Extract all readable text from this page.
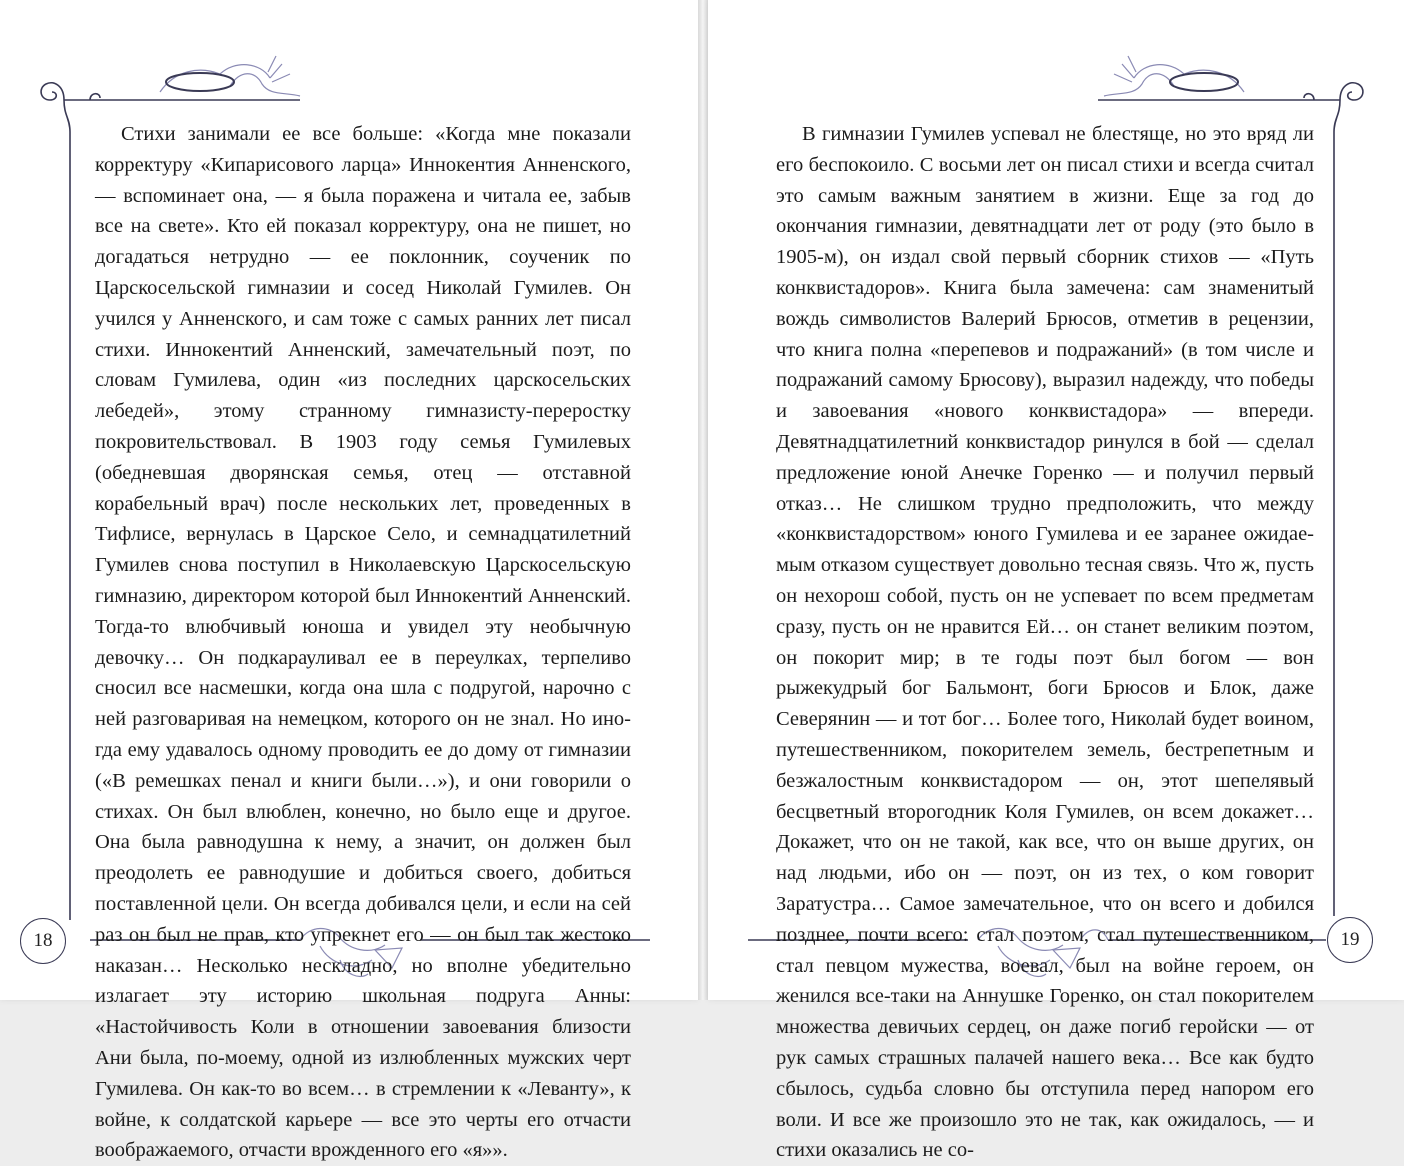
Стихи занимали ее все больше: «Когда мне показали корректуру «Кипарисового ларца» Иннокентия Анненского, — вспоминает она, — я была поражена и читала ее, забыв все на свете». Кто ей показал корректуру, она не пишет, но догадаться нетрудно — ее поклонник, соученик по Царскосельской гимназии и сосед Николай Гумилев. Он учился у Анненского, и сам тоже с самых ранних лет писал стихи. Иннокентий Анненский, замечательный поэт, по словам Гумилева, один «из последних царскосельских лебедей», этому странному гимназисту-переростку покровительствовал. В 1903 году семья Гумилевых (обедневшая дворянская семья, отец — отставной корабельный врач) после нескольких лет, проведенных в Тифлисе, вернулась в Царское Село, и семнадцатилетний Гумилев снова поступил в Николаевскую Царскосельскую гимназию, директором которой был Иннокентий Анненский. Тогда-то влюбчивый юноша и увидел эту необычную девочку… Он подкарауливал ее в переулках, терпеливо сносил все насмешки, когда она шла с подругой, нарочно с ней разговаривая на немецком, которого он не знал. Но иногда ему удавалось одному проводить ее до дому от гимназии («В ремешках пенал и книги были…»), и они говорили о стихах. Он был влюблен, конечно, но было еще и другое. Она была равнодушна к нему, а значит, он должен был преодолеть ее равнодушие и добиться своего, добиться поставленной цели. Он всегда добивался цели, и если на сей раз он был не прав, кто упрекнет его — он был так жестоко наказан… Несколько нескладно, но вполне убедительно излагает эту историю школьная подруга Анны: «Настойчивость Коли в отношении завоевания близости Ани была, по-моему, одной из излюбленных мужских черт Гумилева. Он как-то во всем… в стремлении к «Леванту», к войне, к солдатской карьере — все это черты его отчасти воображаемого, отчасти врожденного его «я»».

18

В гимназии Гумилев успевал не блестяще, но это вряд ли его беспокоило. С восьми лет он писал стихи и всегда считал это самым важным занятием в жизни. Еще за год до окончания гимназии, девятнадцати лет от роду (это было в 1905-м), он издал свой первый сборник стихов — «Путь конквистадоров». Книга была замечена: сам знаменитый вождь символистов Валерий Брюсов, отметив в рецензии, что книга полна «перепевов и подражаний» (в том числе и подражаний самому Брюсову), выразил надежду, что победы и завоевания «нового конквистадора» — впереди. Девятнадцатилетний конквистадор ринулся в бой — сделал предложение юной Анечке Горенко — и получил первый отказ… Не слишком трудно предположить, что между «конквистадорством» юного Гумилева и ее заранее ожидаемым отказом существует довольно тесная связь. Что ж, пусть он нехорош собой, пусть он не успевает по всем предметам сразу, пусть он не нравится Ей… он станет великим поэтом, он покорит мир; в те годы поэт был богом — вон рыжекудрый бог Бальмонт, боги Брюсов и Блок, даже Северянин — и тот бог… Более того, Николай будет воином, путешественником, покорителем земель, бестрепетным и безжалостным конквистадором — он, этот шепелявый бесцветный второгодник Коля Гумилев, он всем докажет… Докажет, что он не такой, как все, что он выше других, он над людьми, ибо он — поэт, он из тех, о ком говорит Заратустра… Самое замечательное, что он всего и добился позднее, почти всего: стал поэтом, стал путешественником, стал певцом мужества, воевал, был на войне героем, он женился все-таки на Аннушке Горенко, он стал покорителем множества девичьих сердец, он даже погиб геройски — от рук самых страшных палачей нашего века… Все как будто сбылось, судьба словно бы отступила перед напором его воли. И все же произошло это не так, как ожидалось, — и стихи оказались не со-

19
